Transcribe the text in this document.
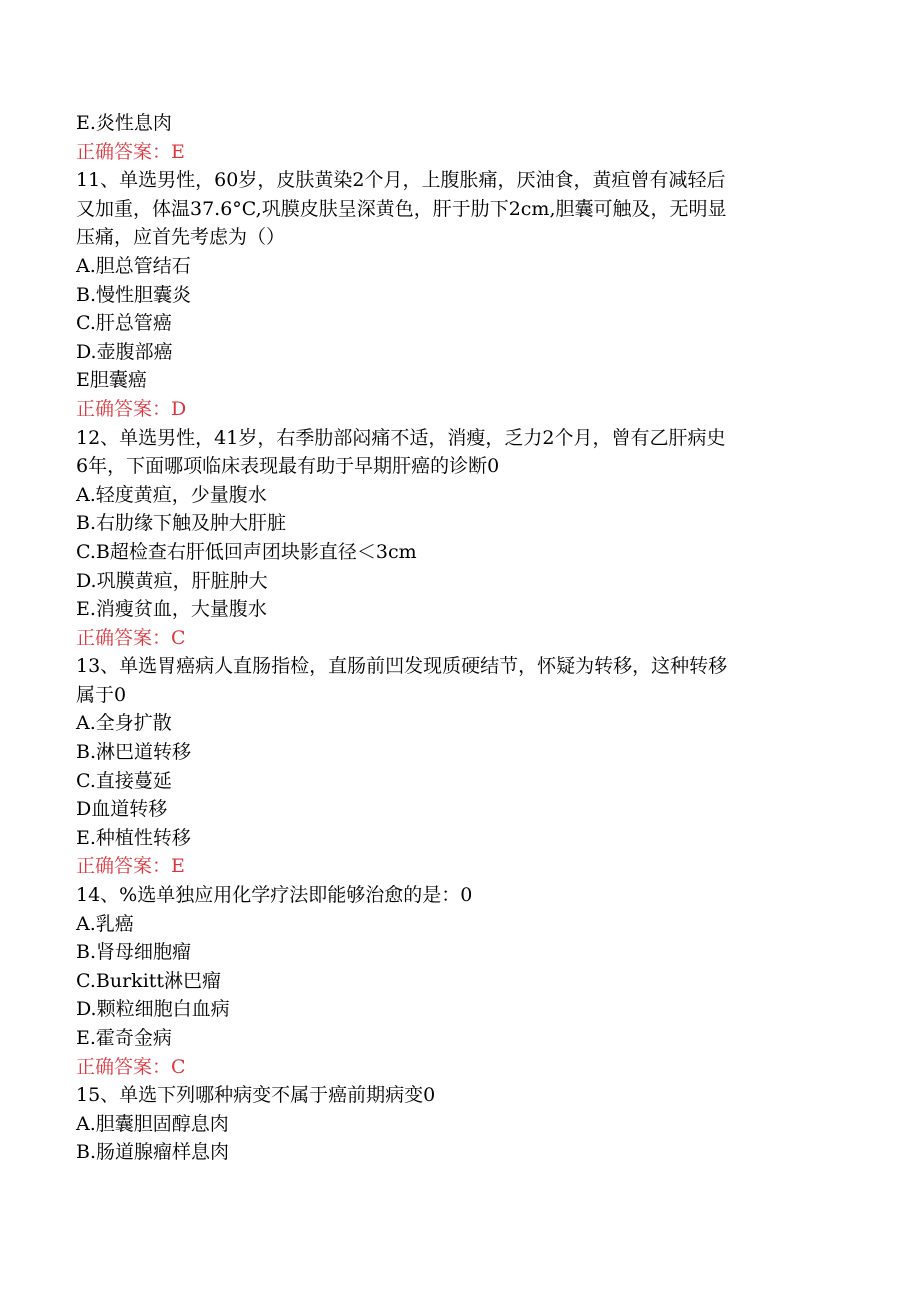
E.炎性息肉
正确答案：E
11、单选男性，60岁，皮肤黄染2个月，上腹胀痛，厌油食，黄疸曾有减轻后
又加重，体温37.6°C,巩膜皮肤呈深黄色，肝于肋下2cm,胆囊可触及，无明显
压痛，应首先考虑为（）
A.胆总管结石
B.慢性胆囊炎
C.肝总管癌
D.壶腹部癌
E胆囊癌
正确答案：D
12、单选男性，41岁，右季肋部闷痛不适，消瘦，乏力2个月，曾有乙肝病史
6年，下面哪项临床表现最有助于早期肝癌的诊断0
A.轻度黄疸，少量腹水
B.右肋缘下触及肿大肝脏
C.B超检查右肝低回声团块影直径＜3cm
D.巩膜黄疸，肝脏肿大
E.消瘦贫血，大量腹水
正确答案：C
13、单选胃癌病人直肠指检，直肠前凹发现质硬结节，怀疑为转移，这种转移
属于0
A.全身扩散
B.淋巴道转移
C.直接蔓延
D血道转移
E.种植性转移
正确答案：E
14、%选单独应用化学疗法即能够治愈的是：0
A.乳癌
B.肾母细胞瘤
C.Burkitt淋巴瘤
D.颗粒细胞白血病
E.霍奇金病
正确答案：C
15、单选下列哪种病变不属于癌前期病变0
A.胆囊胆固醇息肉
B.肠道腺瘤样息肉
